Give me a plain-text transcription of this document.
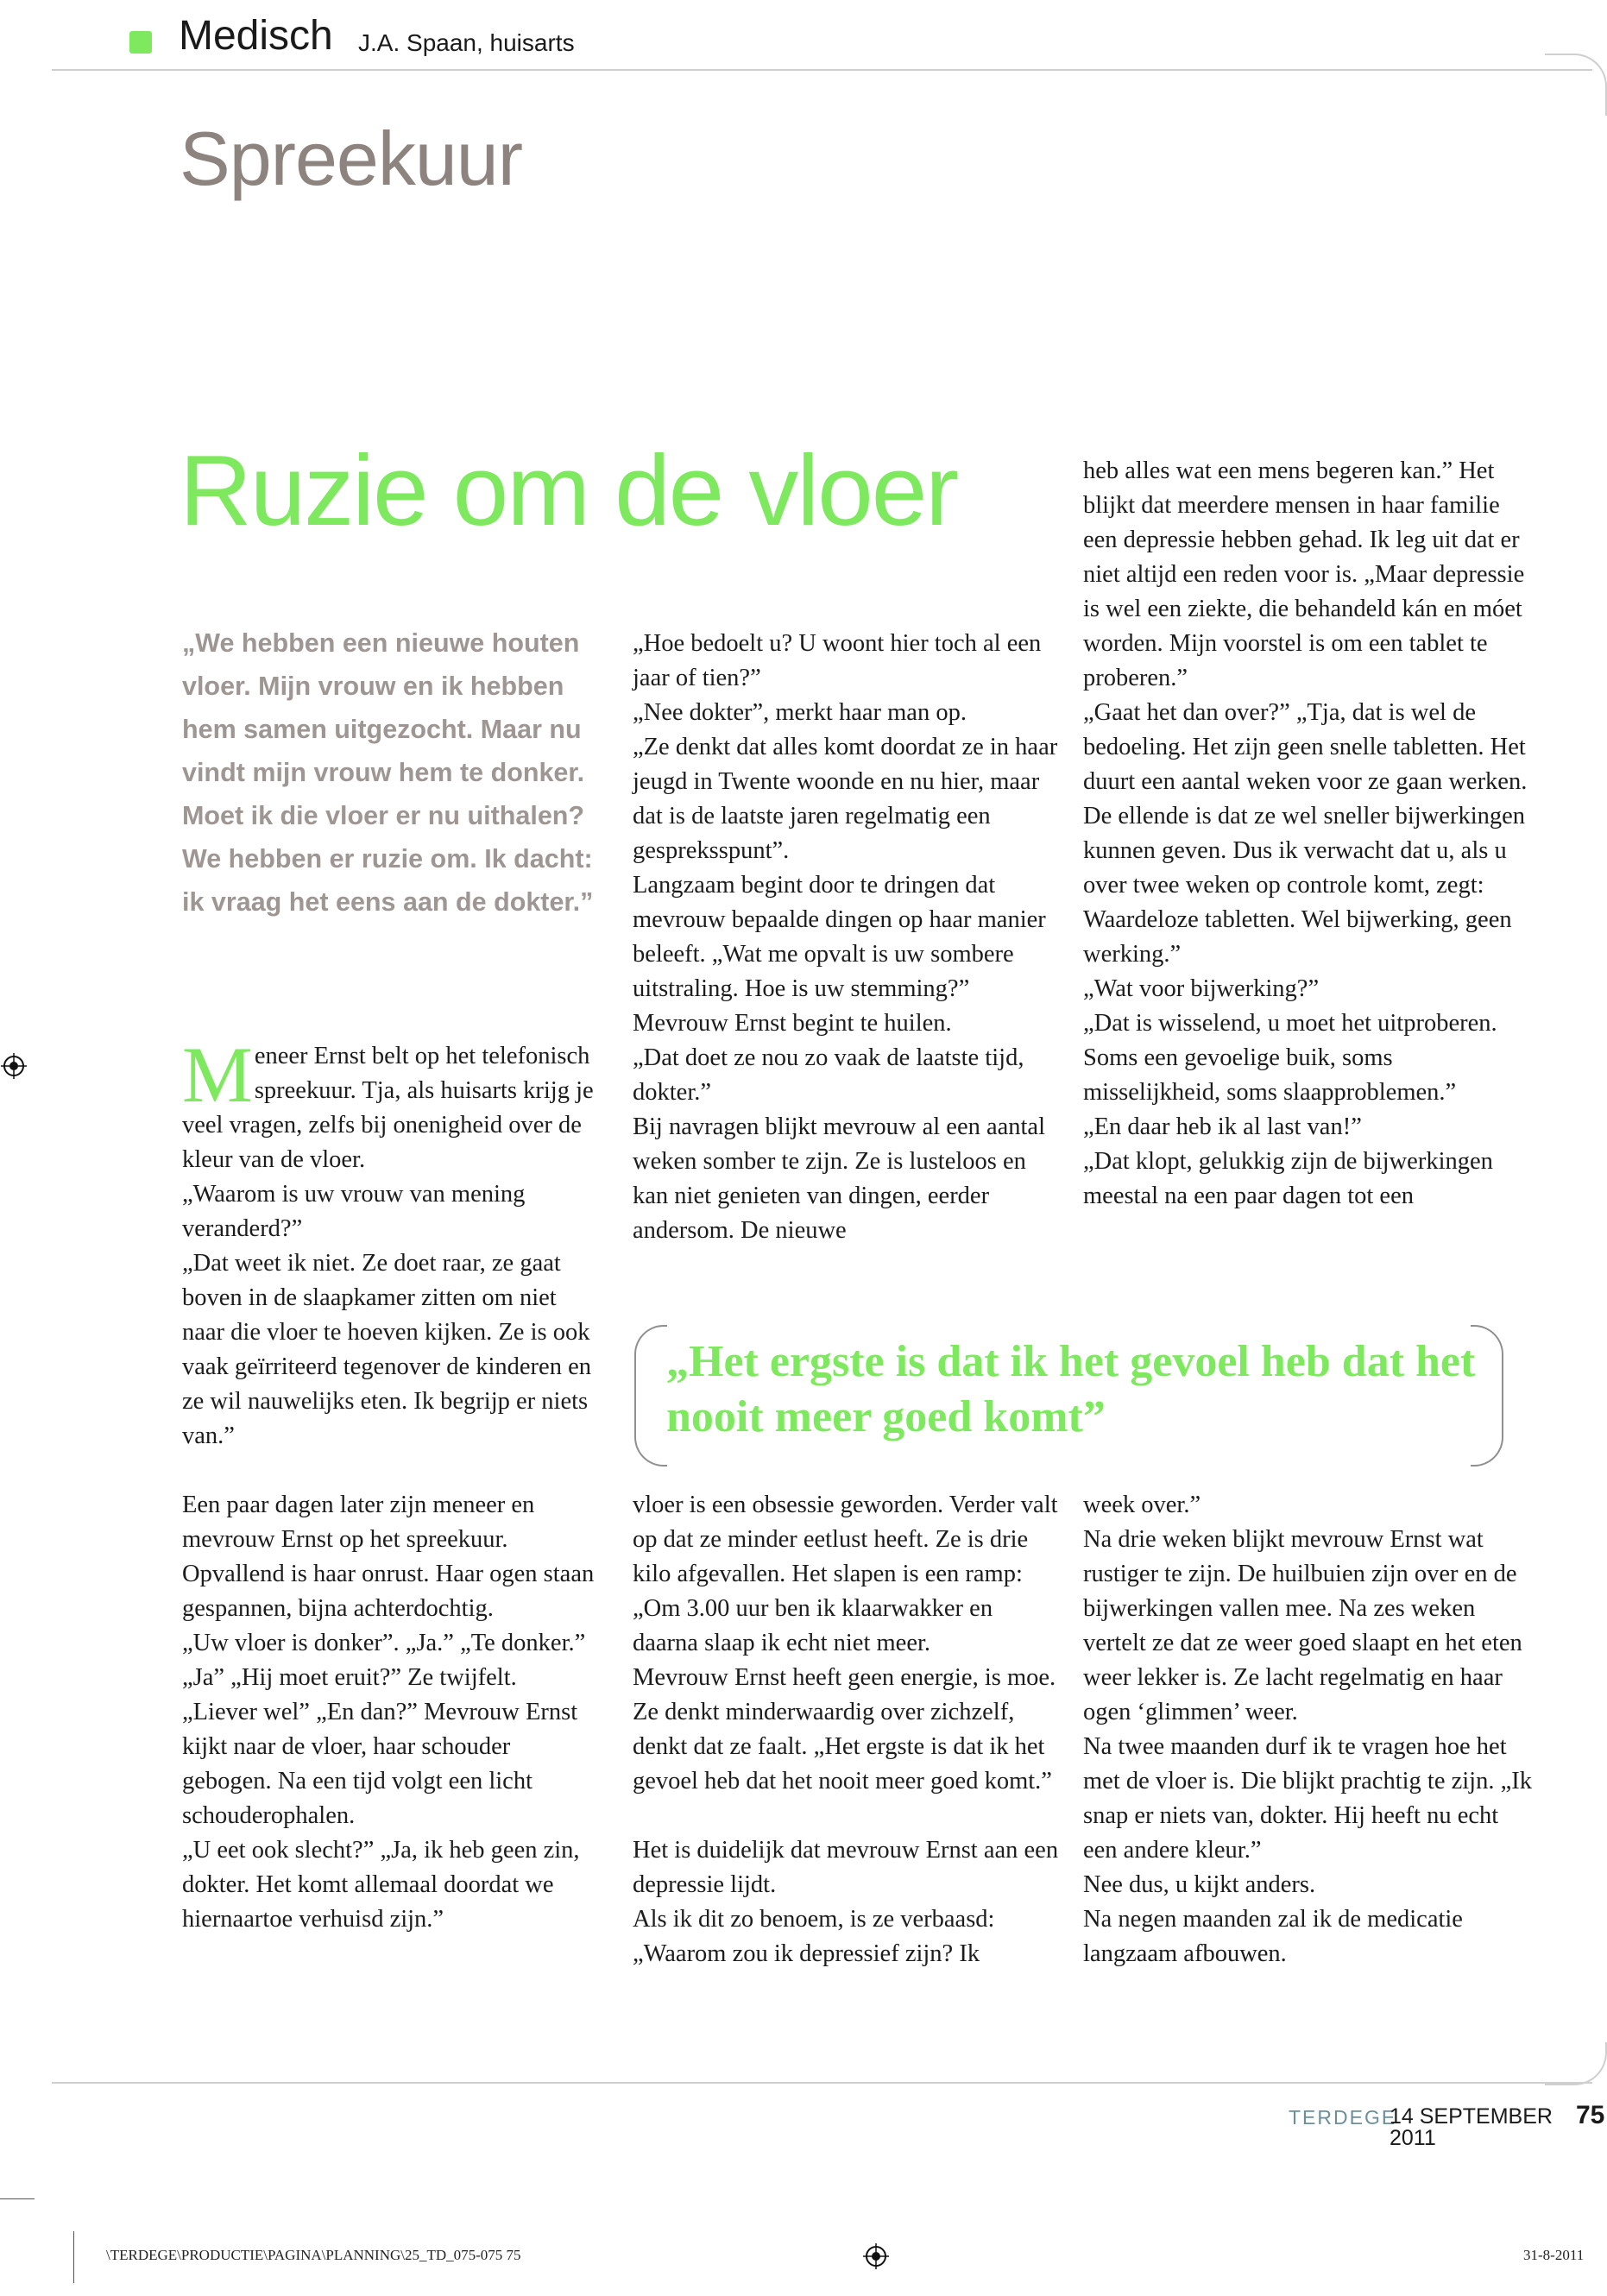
Medisch J.A. Spaan, huisarts
Spreekuur
Ruzie om de vloer
„We hebben een nieuwe houten vloer. Mijn vrouw en ik hebben hem samen uitgezocht. Maar nu vindt mijn vrouw hem te donker. Moet ik die vloer er nu uithalen? We hebben er ruzie om. Ik dacht: ik vraag het eens aan de dokter.”

Meneer Ernst belt op het telefonisch spreekuur. Tja, als huisarts krijg je veel vragen, zelfs bij onenigheid over de kleur van de vloer.

„Waarom is uw vrouw van mening veranderd?”

„Dat weet ik niet. Ze doet raar, ze gaat boven in de slaapkamer zitten om niet naar die vloer te hoeven kijken. Ze is ook vaak geïrriteerd tegenover de kinderen en ze wil nauwelijks eten. Ik begrijp er niets van.”

Een paar dagen later zijn meneer en mevrouw Ernst op het spreekuur. Opvallend is haar onrust. Haar ogen staan gespannen, bijna achterdochtig.

„Uw vloer is donker”. „Ja.” „Te donker.” „Ja” „Hij moet eruit?” Ze twijfelt. „Liever wel” „En dan?” Mevrouw Ernst kijkt naar de vloer, haar schouder gebogen. Na een tijd volgt een licht schouderophalen.

„U eet ook slecht?” „Ja, ik heb geen zin, dokter. Het komt allemaal doordat we hiernaartoe verhuisd zijn.”

„Hoe bedoelt u? U woont hier toch al een jaar of tien?”

„Nee dokter”, merkt haar man op.

„Ze denkt dat alles komt doordat ze in haar jeugd in Twente woonde en nu hier, maar dat is de laatste jaren regelmatig een gespreksspunt”.

Langzaam begint door te dringen dat mevrouw bepaalde dingen op haar manier beleeft. „Wat me opvalt is uw sombere uitstraling. Hoe is uw stemming?”

Mevrouw Ernst begint te huilen.

„Dat doet ze nou zo vaak de laatste tijd, dokter.”

Bij navragen blijkt mevrouw al een aantal weken somber te zijn. Ze is lusteloos en kan niet genieten van dingen, eerder andersom. De nieuwe

heb alles wat een mens begeren kan.” Het blijkt dat meerdere mensen in haar familie een depressie hebben gehad. Ik leg uit dat er niet altijd een reden voor is. „Maar depressie is wel een ziekte, die behandeld kán en móet worden. Mijn voorstel is om een tablet te proberen.”

„Gaat het dan over?” „Tja, dat is wel de bedoeling. Het zijn geen snelle tabletten. Het duurt een aantal weken voor ze gaan werken. De ellende is dat ze wel sneller bijwerkingen kunnen geven. Dus ik verwacht dat u, als u over twee weken op controle komt, zegt: Waardeloze tabletten. Wel bijwerking, geen werking.”

„Wat voor bijwerking?”

„Dat is wisselend, u moet het uitproberen. Soms een gevoelige buik, soms misselijkheid, soms slaapproblemen.”

„En daar heb ik al last van!”

„Dat klopt, gelukkig zijn de bijwerkingen meestal na een paar dagen tot een

„Het ergste is dat ik het gevoel heb dat het nooit meer goed komt”

vloer is een obsessie geworden. Verder valt op dat ze minder eetlust heeft. Ze is drie kilo afgevallen. Het slapen is een ramp: „Om 3.00 uur ben ik klaarwakker en daarna slaap ik echt niet meer.

Mevrouw Ernst heeft geen energie, is moe. Ze denkt minderwaardig over zichzelf, denkt dat ze faalt. „Het ergste is dat ik het gevoel heb dat het nooit meer goed komt.”

Het is duidelijk dat mevrouw Ernst aan een depressie lijdt.

Als ik dit zo benoem, is ze verbaasd: „Waarom zou ik depressief zijn? Ik

week over.”

Na drie weken blijkt mevrouw Ernst wat rustiger te zijn. De huilbuien zijn over en de bijwerkingen vallen mee. Na zes weken vertelt ze dat ze weer goed slaapt en het eten weer lekker is. Ze lacht regelmatig en haar ogen ‘glimmen’ weer.

Na twee maanden durf ik te vragen hoe het met de vloer is. Die blijkt prachtig te zijn. „Ik snap er niets van, dokter. Hij heeft nu echt een andere kleur.”

Nee dus, u kijkt anders.

Na negen maanden zal ik de medicatie langzaam afbouwen.

TERDEGE
14 SEPTEMBER 2011
75
\TERDEGE\PRODUCTIE\PAGINA\PLANNING\25_TD_075-075 75	31-8-2011
